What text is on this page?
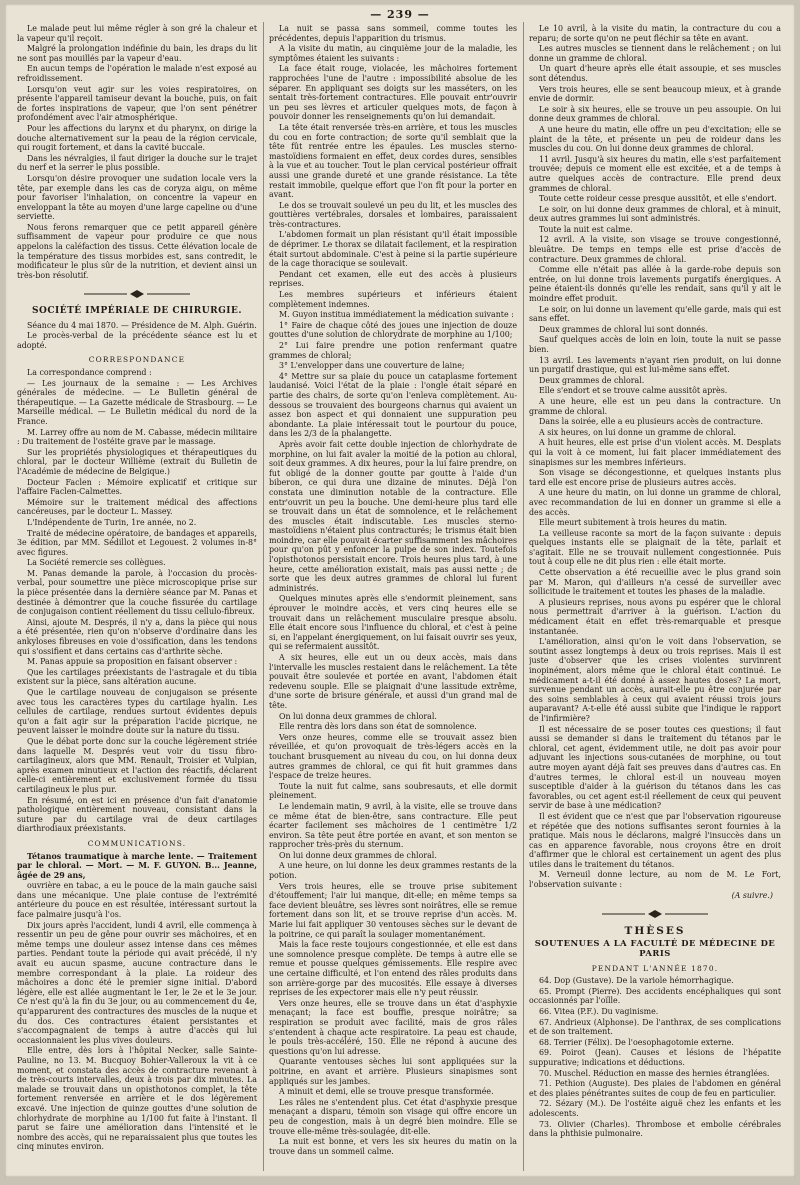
— 239 —

Le malade peut lui même régler à son gré la chaleur et la vapeur qu'il reçoit.

Malgré la prolongation indéfinie du bain, les draps du lit ne sont pas mouillés par la vapeur d'eau.

En aucun temps de l'opération le malade n'est exposé au refroidissement.

Lorsqu'on veut agir sur les voies respiratoires, on présente l'appareil tamiseur devant la bouche, puis, on fait de fortes inspirations de vapeur, que l'on sent pénétrer profondément avec l'air atmosphérique.

Pour les affections du larynx et du pharynx, on dirige la douche alternativement sur la peau de la région cervicale, qui rougit fortement, et dans la cavité buccale.

Dans les névralgies, il faut diriger la douche sur le trajet du nerf et la serrer le plus possible.

Lorsqu'on désire provoquer une sudation locale vers la tête, par exemple dans les cas de coryza aigu, on même pour favoriser l'inhalation, on concentre la vapeur en enveloppant la tête au moyen d'une large capeline ou d'une serviette.

Nous ferons remarquer que ce petit appareil génère suffisamment de vapeur pour produire ce que nous appelons la caléfaction des tissus. Cette élévation locale de la température des tissus morbides est, sans contredit, le modificateur le plus sûr de la nutrition, et devient ainsi un très-bon résolutif.

SOCIÉTÉ IMPÉRIALE DE CHIRURGIE.

Séance du 4 mai 1870. — Présidence de M. Alph. Guérin.

Le procès-verbal de la précédente séance est lu et adopté.

CORRESPONDANCE

La correspondance comprend :

— Les journaux de la semaine : — Les Archives générales de médecine. — Le Bulletin général de thérapeutique. — La Gazette médicale de Strasbourg. — Le Marseille médical. — Le Bulletin médical du nord de la France.

M. Larrey offre au nom de M. Cabasse, médecin militaire : Du traitement de l'ostéite grave par le massage.

Sur les propriétés physiologiques et thérapeutiques du chloral, par le docteur Willième (extrait du Bulletin de l'Académie de médecine de Belgique.)

Docteur Faclen : Mémoire explicatif et critique sur l'affaire Faclen-Calmettes.

Mémoire sur le traitement médical des affections cancéreuses, par le docteur L. Massey.

L'Indépendente de Turin, 1re année, no 2.

Traité de médecine opératoire, de bandages et appareils, 3e édition, par MM. Sédillot et Legouest. 2 volumes in-8° avec figures.

La Société remercie ses collègues.

M. Panas demande la parole, à l'occasion du procès-verbal, pour soumettre une pièce microscopique prise sur la pièce présentée dans la dernière séance par M. Panas et destinée à démontrer que la couche fissurée du cartilage de conjugaison contient réellement du tissu cellulo-fibreux.

Ainsi, ajoute M. Després, il n'y a, dans la pièce qui nous a été présentée, rien qu'on n'observe d'ordinaire dans les ankyloses fibreuses en voie d'ossification, dans les tendons qui s'ossifient et dans certains cas d'arthrite sèche.

M. Panas appuie sa proposition en faisant observer :

Que les cartilages préexistants de l'astragale et du tibia existent sur la pièce, sans altération aucune.

Que le cartilage nouveau de conjugaison se présente avec tous les caractères types du cartilage hyalin. Les cellules de cartilage, rendues surtout évidentes depuis qu'on a fait agir sur la préparation l'acide picrique, ne peuvent laisser le moindre doute sur la nature du tissu.

Que le débat porte donc sur la couche légèrement striée dans laquelle M. Després veut voir du tissu fibro-cartilagineux, alors que MM. Renault, Troisier et Vulpian, après examen minutieux et l'action des réactifs, déclarent celle-ci entièrement et exclusivement formée du tissu cartilagineux le plus pur.

En résumé, on est ici en présence d'un fait d'anatomie pathologique entièrement nouveau, consistant dans la suture par du cartilage vrai de deux cartilages diarthrodiaux préexistants.

COMMUNICATIONS.

Tétanos traumatique à marche lente. — Traitement par le chloral. — Mort. — M. F. GUYON. B... Jeanne, âgée de 29 ans,

ouvrière en tabac, a eu le pouce de la main gauche saisi dans une mécanique. Une plaie contuse de l'extrémité antérieure du pouce en est résultée, intéressant surtout la face palmaire jusqu'à l'os.

Dix jours après l'accident, lundi 4 avril, elle commença à ressentir un peu de gêne pour ouvrir ses mâchoires, et en même temps une douleur assez intense dans ces mêmes parties. Pendant toute la période qui avait précédé, il n'y avait eu aucun spasme, aucune contracture dans le membre correspondant à la plaie. La roideur des mâchoires a donc été le premier signe initial. D'abord légère, elle est allée augmentant le 1er, le 2e et le 3e jour. Ce n'est qu'à la fin du 3e jour, ou au commencement du 4e, qu'apparurent des contractures des muscles de la nuque et du dos. Ces contractures étaient persistantes et s'accompagnaient de temps à autre d'accès qui lui occasionnaient les plus vives douleurs.

Elle entre, dès lors à l'hôpital Necker, salle Sainte-Pauline, no 13. M. Bucquoy Bohier-Valleroux la vit à ce moment, et constata des accès de contracture revenant à de très-courts intervalles, deux à trois par dix minutes. La malade se trouvait dans un opisthotonos complet, la tête fortement renversée en arrière et le dos légèrement excavé. Une injection de quinze gouttes d'une solution de chlorhydrate de morphine au 1/100 fut faite à l'instant. Il parut se faire une amélioration dans l'intensité et le nombre des accès, qui ne reparaissaient plus que toutes les cinq minutes environ.

La nuit se passa sans sommeil, comme toutes les précédentes, depuis l'apparition du trismus.

A la visite du matin, au cinquième jour de la maladie, les symptômes étaient les suivants :

La face était rouge, violacée, les mâchoires fortement rapprochées l'une de l'autre : impossibilité absolue de les séparer. En appliquant ses doigts sur les masséters, on les sentait très-fortement contractures. Elle pouvait entr'ouvrir un peu ses lèvres et articuler quelques mots, de façon à pouvoir donner les renseignements qu'on lui demandait.

La tête était renversée très-en arrière, et tous les muscles du cou en forte contraction; de sorte qu'il semblait que la tête fût rentrée entre les épaules. Les muscles sterno-mastoïdiens formaient en effet, deux cordes dures, sensibles à la vue et au toucher. Tout le plan cervical postérieur offrait aussi une grande dureté et une grande résistance. La tête restait immobile, quelque effort que l'on fît pour la porter en avant.

Le dos se trouvait soulevé un peu du lit, et les muscles des gouttières vertébrales, dorsales et lombaires, paraissaient très-contractures.

L'abdomen formait un plan résistant qu'il était impossible de déprimer. Le thorax se dilatait facilement, et la respiration était surtout abdominale. C'est à peine si la partie supérieure de la cage thoracique se soulevait.

Pendant cet examen, elle eut des accès à plusieurs reprises.

Les membres supérieurs et inférieurs étaient complètement indemnes.

M. Guyon institua immédiatement la médication suivante :

1° Faire de chaque côté des joues une injection de douze gouttes d'une solution de chlorydrate de morphine au 1/100;

2° Lui faire prendre une potion renfermant quatre grammes de chloral;

3° L'envelopper dans une couverture de laine;

4° Mettre sur sa plaie du pouce un cataplasme fortement laudanisé. Voici l'état de la plaie : l'ongle était séparé en partie des chairs, de sorte qu'on l'enleva complètement. Au-dessous se trouvaient des bourgeons charnus qui avaient un assez bon aspect et qui donnaient une suppuration peu abondante. La plaie intéressait tout le pourtour du pouce, dans les 2/3 de la phalangette.

Après avoir fait cette double injection de chlorhydrate de morphine, on lui fait avaler la moitié de la potion au chloral, soit deux grammes. A dix heures, pour la lui faire prendre, on fut obligé de la donner goutte par goutte à l'aide d'un biberon, ce qui dura une dizaine de minutes. Déjà l'on constata une diminution notable de la contracture. Elle entr'ouvrit un peu la bouche. Une demi-heure plus tard elle se trouvait dans un état de somnolence, et le relâchement des muscles était indiscutable. Les muscles sterno-mastoïdiens n'étaient plus contracturés; le trismus était bien moindre, car elle pouvait écarter suffisamment les mâchoires pour qu'on pût y enfoncer la pulpe de son index. Toutefois l'opisthotonos persistait encore. Trois heures plus tard, à une heure, cette amélioration existait, mais pas aussi nette ; de sorte que les deux autres grammes de chloral lui furent administrés.

Quelques minutes après elle s'endormit pleinement, sans éprouver le moindre accès, et vers cinq heures elle se trouvait dans un relâchement musculaire presque absolu. Elle était encore sous l'influence du chloral, et c'est à peine si, en l'appelant énergiquement, on lui faisait ouvrir ses yeux, qui se refermaient aussitôt.

A six heures, elle eut un ou deux accès, mais dans l'intervalle les muscles restaient dans le relâchement. La tête pouvait être soulevée et portée en avant, l'abdomen était redevenu souple. Elle se plaignait d'une lassitude extrême, d'une sorte de brisure générale, et aussi d'un grand mal de tête.

On lui donna deux grammes de chloral.

Elle rentra dès lors dans son état de somnolence.

Vers onze heures, comme elle se trouvait assez bien réveillée, et qu'on provoquait de très-légers accès en la touchant brusquement au niveau du cou, on lui donna deux autres grammes de chloral, ce qui fit huit grammes dans l'espace de treize heures.

Toute la nuit fut calme, sans soubresauts, et elle dormit pleinement.

Le lendemain matin, 9 avril, à la visite, elle se trouve dans ce même état de bien-être, sans contracture. Elle peut écarter facilement ses mâchoires de 1 centimètre 1/2 environ. Sa tête peut être portée en avant, et son menton se rapprocher très-près du sternum.

On lui donne deux grammes de chloral.

A une heure, on lui donne les deux grammes restants de la potion.

Vers trois heures, elle se trouve prise subitement d'étouffement; l'air lui manque, dit-elle; en même temps sa face devient bleuâtre, ses lèvres sont noirâtres, elle se remue fortement dans son lit, et se trouve reprise d'un accès. M. Marie lui fait appliquer 30 ventouses sèches sur le devant de la poitrine, ce qui paraît la soulager momentanément.

Mais la face reste toujours congestionnée, et elle est dans une somnolence presque complète. De temps à autre elle se remue et pousse quelques gémissements. Elle respire avec une certaine difficulté, et l'on entend des râles produits dans son arrière-gorge par des mucosités. Elle essaye à diverses reprises de les expectorer mais elle n'y peut réussir.

Vers onze heures, elle se trouve dans un état d'asphyxie menaçant; la face est bouffie, presque noirâtre; sa respiration se produit avec facilité, mais de gros râles s'entendent à chaque acte respiratoire. La peau est chaude, le pouls très-accéléré, 150. Elle ne répond à aucune des questions qu'on lui adresse.

Quarante ventouses sèches lui sont appliquées sur la poitrine, en avant et arrière. Plusieurs sinapismes sont appliqués sur les jambes.

A minuit et demi, elle se trouve presque transformée.

Les râles ne s'entendent plus. Cet état d'asphyxie presque menaçant a disparu, témoin son visage qui offre encore un peu de congestion, mais à un degré bien moindre. Elle se trouve elle-même très-soulagée, dit-elle.

La nuit est bonne, et vers les six heures du matin on la trouve dans un sommeil calme.

Le 10 avril, à la visite du matin, la contracture du cou a reparu; de sorte qu'on ne peut fléchir sa tête en avant.

Les autres muscles se tiennent dans le relâchement ; on lui donne un gramme de chloral.

Un quart d'heure après elle était assoupie, et ses muscles sont détendus.

Vers trois heures, elle se sent beaucoup mieux, et à grande envie de dormir.

Le soir à six heures, elle se trouve un peu assoupie. On lui donne deux grammes de chloral.

A une heure du matin, elle offre un peu d'excitation; elle se plaint de la tête, et présente un peu de roideur dans les muscles du cou. On lui donne deux grammes de chloral.

11 avril. Jusqu'à six heures du matin, elle s'est parfaitement trouvée; depuis ce moment elle est excitée, et a de temps à autre quelques accès de contracture. Elle prend deux grammes de chloral.

Toute cette roideur cesse presque aussitôt, et elle s'endort.

Le soir, on lui donne deux grammes de chloral, et à minuit, deux autres grammes lui sont administrés.

Toute la nuit est calme.

12 avril. A la visite, son visage se trouve congestionné, bleuâtre. De temps en temps elle est prise d'accès de contracture. Deux grammes de chloral.

Comme elle n'était pas allée à la garde-robe depuis son entrée, on lui donne trois lavements purgatifs énergiques. A peine étaient-ils donnés qu'elle les rendait, sans qu'il y ait le moindre effet produit.

Le soir, on lui donne un lavement qu'elle garde, mais qui est sans effet.

Deux grammes de chloral lui sont donnés.

Sauf quelques accès de loin en loin, toute la nuit se passe bien.

13 avril. Les lavements n'ayant rien produit, on lui donne un purgatif drastique, qui est lui-même sans effet.

Deux grammes de chloral.

Elle s'endort et se trouve calme aussitôt après.

A une heure, elle est un peu dans la contracture. Un gramme de chloral.

Dans la soirée, elle a eu plusieurs accès de contracture.

A six heures, on lui donne un gramme de chloral.

A huit heures, elle est prise d'un violent accès. M. Desplats qui la voit à ce moment, lui fait placer immédiatement des sinapismes sur les membres inférieurs.

Son visage se décongestionne, et quelques instants plus tard elle est encore prise de plusieurs autres accès.

A une heure du matin, on lui donne un gramme de chloral, avec recommandation de lui en donner un gramme si elle a des accès.

Elle meurt subitement à trois heures du matin.

La veilleuse raconte sa mort de la façon suivante : depuis quelques instants elle se plaignait de la tête, parlait et s'agitait. Elle ne se trouvait nullement congestionnée. Puis tout à coup elle ne dit plus rien : elle était morte.

Cette observation a été recueillie avec le plus grand soin par M. Maron, qui d'ailleurs n'a cessé de surveiller avec sollicitude le traitement et toutes les phases de la maladie.

A plusieurs reprises, nous avons pu espérer que le chloral nous permettrait d'arriver à la guérison. L'action du médicament était en effet très-remarquable et presque instantanée.

L'amélioration, ainsi qu'on le voit dans l'observation, se soutint assez longtemps à deux ou trois reprises. Mais il est juste d'observer que les crises violentes survinrent inopinément, alors même que le chloral était continué. Le médicament a-t-il été donné à assez hautes doses? La mort, survenue pendant un accès, aurait-elle pu être conjurée par des soins semblables à ceux qui avaient réussi trois jours auparavant? A-t-elle été aussi subite que l'indique le rapport de l'infirmière?

Il est nécessaire de se poser toutes ces questions; il faut aussi se demander si dans le traitement du tétanos par le chloral, cet agent, évidemment utile, ne doit pas avoir pour adjuvant les injections sous-cutanées de morphine, ou tout autre moyen ayant déjà fait ses preuves dans d'autres cas. En d'autres termes, le chloral est-il un nouveau moyen susceptible d'aider à la guérison du tétanos dans les cas favorables, ou cet agent est-il réellement de ceux qui peuvent servir de base à une médication?

Il est évident que ce n'est que par l'observation rigoureuse et répétée que des notions suffisantes seront fournies à la pratique. Mais nous le déclarons, malgré l'insuccès dans un cas en apparence favorable, nous croyons être en droit d'affirmer que le chloral est certainement un agent des plus utiles dans le traitement du tétanos.

M. Verneuil donne lecture, au nom de M. Le Fort, l'observation suivante :

(A suivre.)

THÈSES

SOUTENUES A LA FACULTÉ DE MÉDECINE DE PARIS

PENDANT L'ANNÉE 1870.

64. Dop (Gustave). De la variole hémorrhagique.

65. Prompt (Pierre). Des accidents encéphaliques qui sont occasionnés par l'oïlle.

66. Vitea (P.F.). Du vaginisme.

67. Andrieux (Alphonse). De l'anthrax, de ses complications et de son traitement.

68. Terrier (Félix). De l'oesophagotomie externe.

69. Poirot (Jean). Causes et lésions de l'hépatite suppurative; indications et déductions.

70. Muschel. Réduction en masse des hernies étranglées.

71. Pethion (Auguste). Des plaies de l'abdomen en général et des plaies pénétrantes suites de coup de feu en particulier.

72. Sézary (M.). De l'ostéite aiguë chez les enfants et les adolescents.

73. Olivier (Charles). Thrombose et embolie cérébrales dans la phthisie pulmonaire.
